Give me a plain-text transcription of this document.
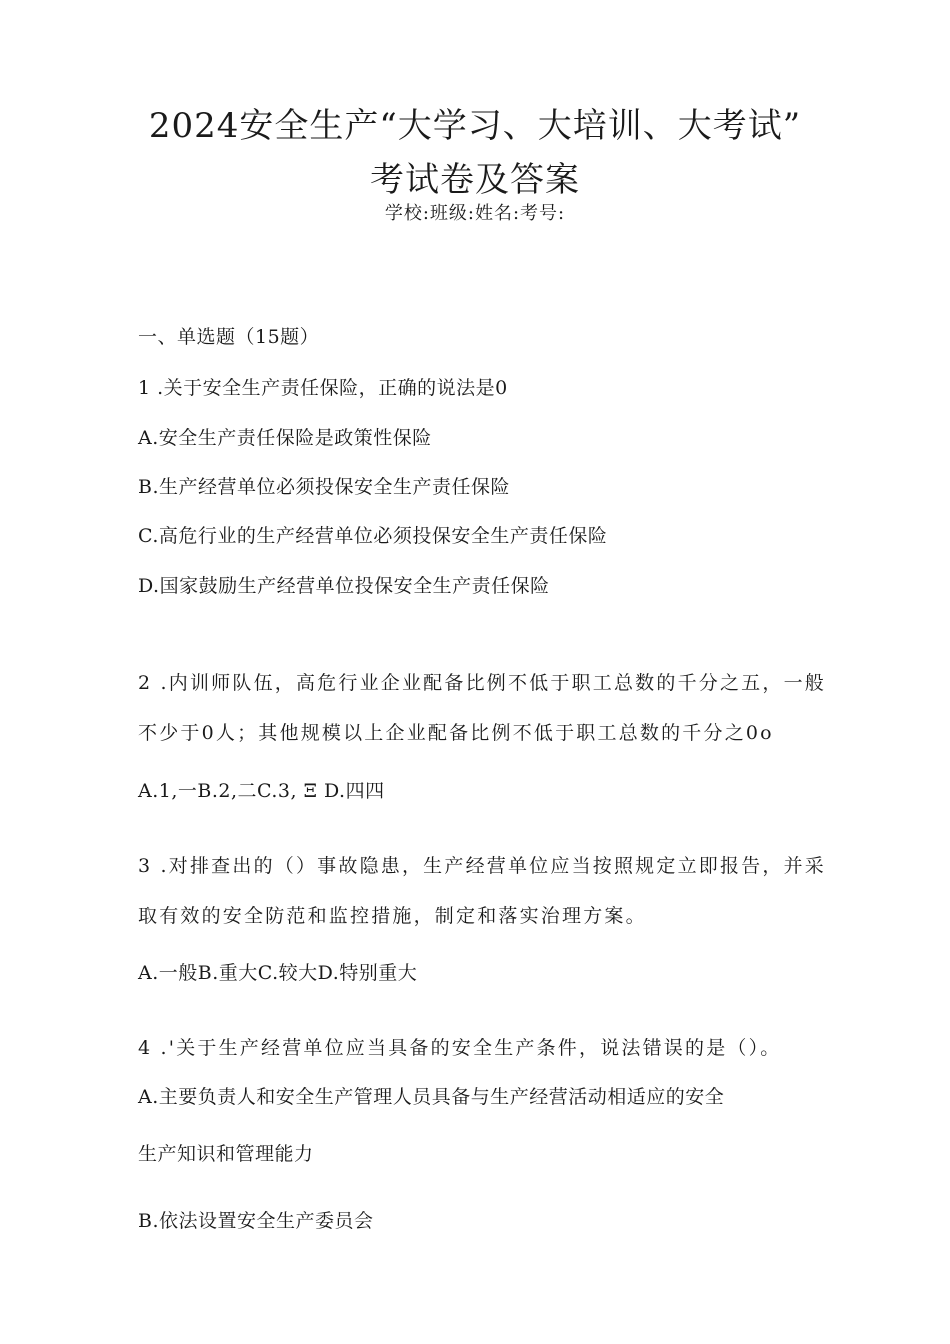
2024安全生产“大学习、大培训、大考试”
考试卷及答案
学校:班级:姓名:考号:
一、单选题（15题）
1 .关于安全生产责任保险，正确的说法是0
A.安全生产责任保险是政策性保险
B.生产经营单位必须投保安全生产责任保险
C.高危行业的生产经营单位必须投保安全生产责任保险
D.国家鼓励生产经营单位投保安全生产责任保险
2 .内训师队伍，高危行业企业配备比例不低于职工总数的千分之五，一般
不少于0人；其他规模以上企业配备比例不低于职工总数的千分之0o
A.1,一B.2,二C.3, Ξ D.四四
3 .对排查出的（）事故隐患，生产经营单位应当按照规定立即报告，并采
取有效的安全防范和监控措施，制定和落实治理方案。
A.一般B.重大C.较大D.特别重大
4 .'关于生产经营单位应当具备的安全生产条件，说法错误的是（）。
A.主要负责人和安全生产管理人员具备与生产经营活动相适应的安全
生产知识和管理能力
B.依法设置安全生产委员会
